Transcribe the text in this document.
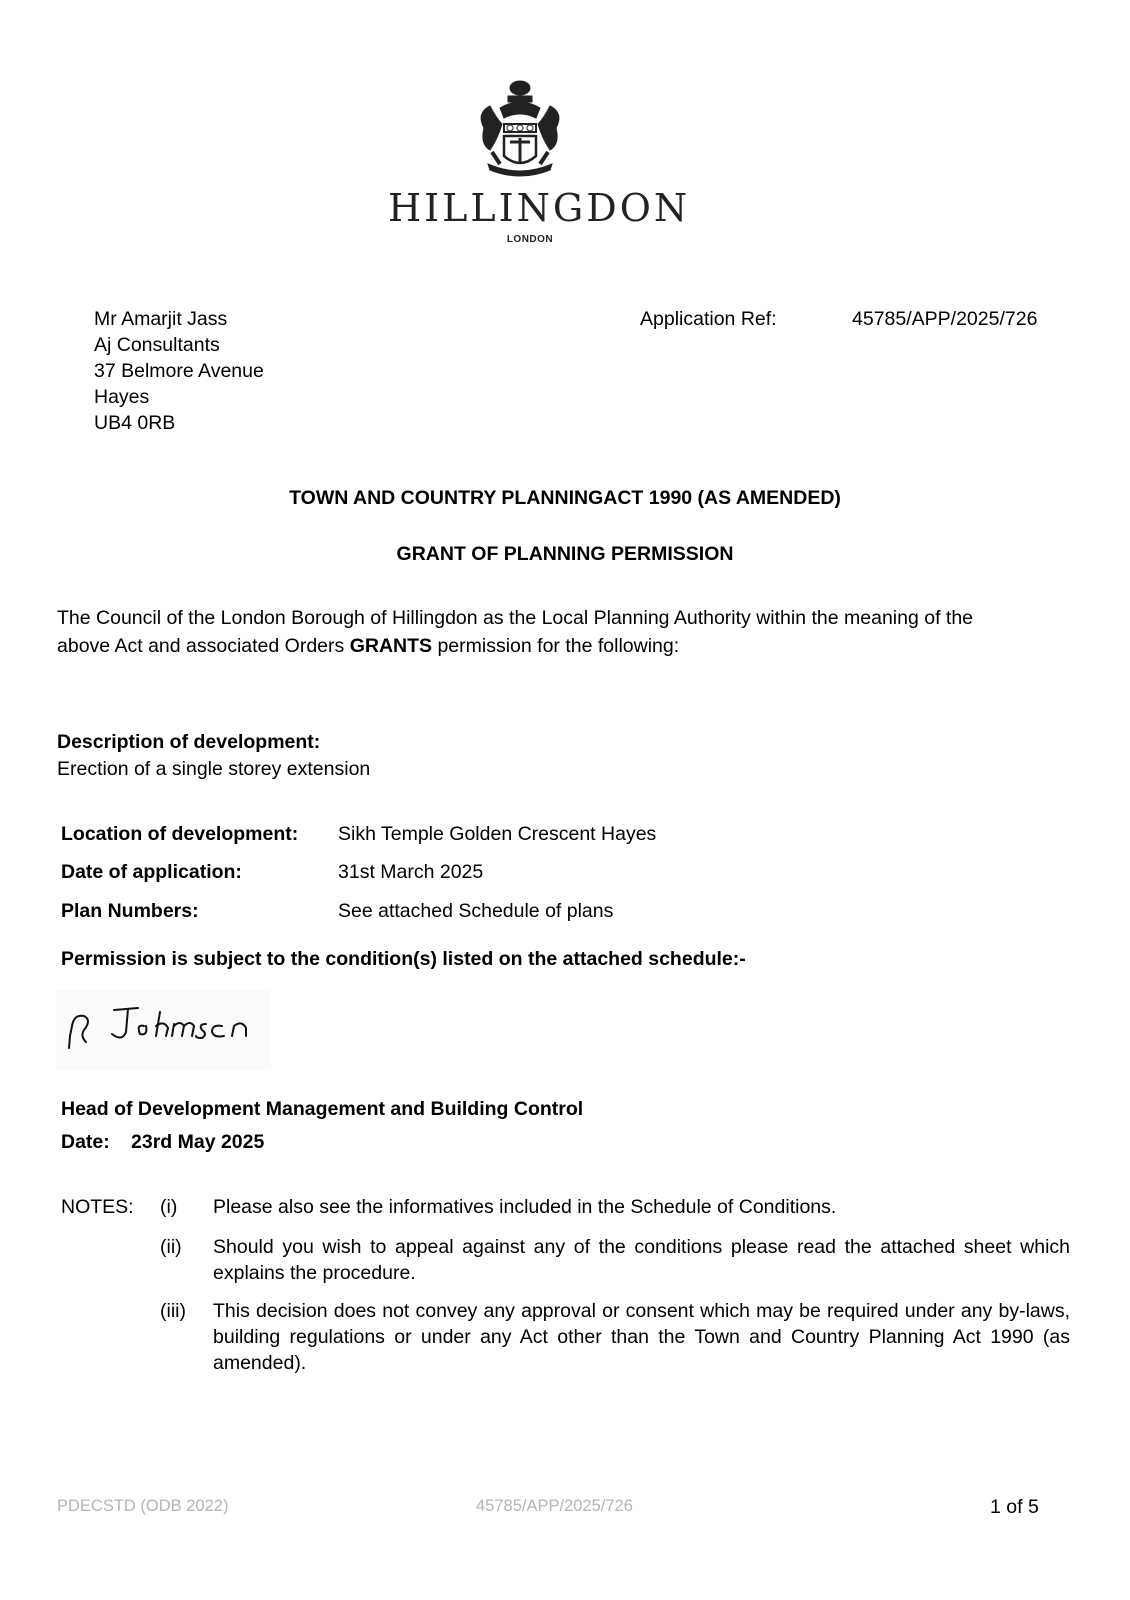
HILLINGDON
LONDON
Mr Amarjit Jass
Aj Consultants
37 Belmore Avenue
Hayes
UB4 0RB
Application Ref:	45785/APP/2025/726
TOWN AND COUNTRY PLANNINGACT 1990 (AS AMENDED)
GRANT OF PLANNING PERMISSION
The Council of the London Borough of Hillingdon as the Local Planning Authority within the meaning of the
above Act and associated Orders GRANTS permission for the following:
Description of development:
Erection of a single storey extension
Location of development: Sikh Temple Golden Crescent Hayes
Date of application:	31st March 2025
Plan Numbers:	See attached Schedule of plans
Permission is subject to the condition(s) listed on the attached schedule:-
Head of Development Management and Building Control
Date: 23rd May 2025
NOTES: (i) Please also see the informatives included in the Schedule of Conditions.
(ii) Should you wish to appeal against any of the conditions please read the attached sheet which explains the procedure.
(iii) This decision does not convey any approval or consent which may be required under any by-laws, building regulations or under any Act other than the Town and Country Planning Act 1990 (as amended).
PDECSTD (ODB 2022)	45785/APP/2025/726	1 of 5
